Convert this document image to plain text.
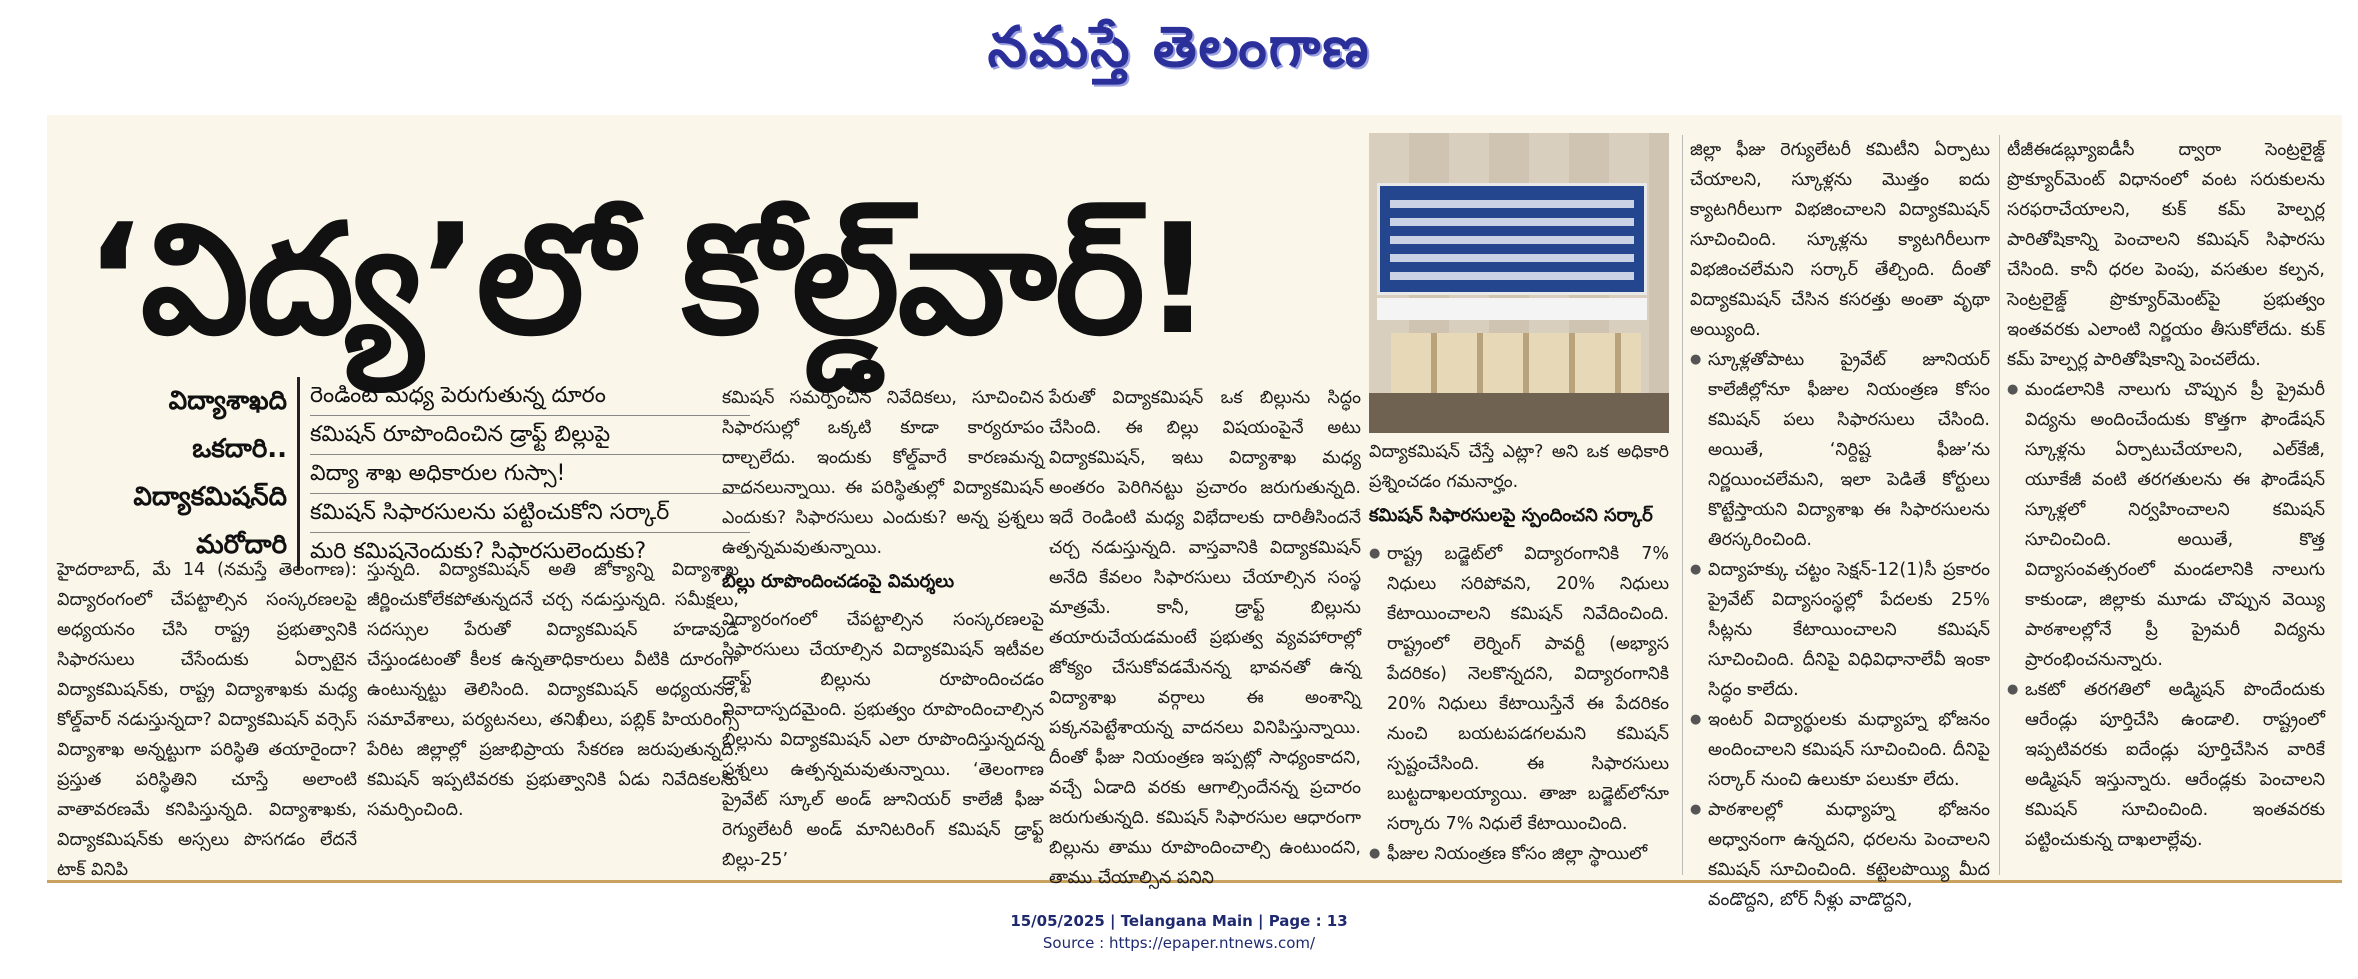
నమస్తే తెలంగాణ
‘విద్య’లో కోల్డ్‌వార్‌!
విద్యాశాఖది
ఒకదారి..
విద్యాకమిషన్‌ది
మరోదారి
రెండింటి మధ్య పెరుగుతున్న దూరం
కమిషన్‌ రూపొందించిన డ్రాఫ్ట్‌ బిల్లుపై
విద్యా శాఖ అధికారుల గుస్సా!
కమిషన్‌ సిఫారసులను పట్టించుకోని సర్కార్‌
మరి కమిషనెందుకు? సిఫారసులెందుకు?

హైదరాబాద్‌, మే 14 (నమస్తే తెలంగాణ): విద్యారంగంలో చేపట్టాల్సిన సంస్కరణలపై అధ్యయనం చేసి రాష్ట్ర ప్రభుత్వానికి సిఫారసులు చేసేందుకు ఏర్పాటైన విద్యాకమిషన్‌కు, రాష్ట్ర విద్యాశాఖకు మధ్య కోల్డ్‌వార్‌ నడుస్తున్నదా? విద్యాకమిషన్‌ వర్సెస్‌ విద్యాశాఖ అన్నట్టుగా పరిస్థితి తయారైందా? ప్రస్తుత పరిస్థితిని చూస్తే అలాంటి వాతావరణమే కనిపిస్తున్నది. విద్యాశాఖకు, విద్యాకమిషన్‌కు అస్సలు పొసగడం లేదనే టాక్‌ వినిపి

స్తున్నది. విద్యాకమిషన్‌ అతి జోక్యాన్ని విద్యాశాఖ జీర్ణించుకోలేకపోతున్నదనే చర్చ నడుస్తున్నది. సమీక్షలు, సదస్సుల పేరుతో విద్యాకమిషన్‌ హడావుడి చేస్తుండటంతో కీలక ఉన్నతాధికారులు వీటికి దూరంగా ఉంటున్నట్టు తెలిసింది. విద్యాకమిషన్‌ అధ్యయనం, సమావేశాలు, పర్యటనలు, తనిఖీలు, పబ్లిక్‌ హియరింగ్స్‌ పేరిట జిల్లాల్లో ప్రజాభిప్రాయ సేకరణ జరుపుతున్నది. కమిషన్‌ ఇప్పటివరకు ప్రభుత్వానికి ఏడు నివేదికలను సమర్పించింది.

కమిషన్‌ సమర్పించిన నివేదికలు, సూచించిన సిఫారసుల్లో ఒక్కటి కూడా కార్యరూపం దాల్చలేదు. ఇందుకు కోల్డ్‌వారే కారణమన్న వాదనలున్నాయి. ఈ పరిస్థితుల్లో విద్యాకమిషన్‌ ఎందుకు? సిఫారసులు ఎందుకు? అన్న ప్రశ్నలు ఉత్పన్నమవుతున్నాయి.

బిల్లు రూపొందించడంపై విమర్శలు

విద్యారంగంలో చేపట్టాల్సిన సంస్కరణలపై సిఫారసులు చేయాల్సిన విద్యాకమిషన్‌ ఇటీవల డ్రాఫ్ట్‌ బిల్లును రూపొందించడం వివాదాస్పదమైంది. ప్రభుత్వం రూపొందించాల్సిన బిల్లును విద్యాకమిషన్‌ ఎలా రూపొందిస్తున్నదన్న ప్రశ్నలు ఉత్పన్నమవుతున్నాయి. ‘తెలంగాణ ప్రైవేట్‌ స్కూల్‌ అండ్‌ జూనియర్‌ కాలేజీ ఫీజు రెగ్యులేటరీ అండ్‌ మానిటరింగ్‌ కమిషన్‌ డ్రాఫ్ట్‌ బిల్లు-25’

పేరుతో విద్యాకమిషన్‌ ఒక బిల్లును సిద్ధం చేసింది. ఈ బిల్లు విషయంపైనే అటు విద్యాకమిషన్‌, ఇటు విద్యాశాఖ మధ్య అంతరం పెరిగినట్టు ప్రచారం జరుగుతున్నది. ఇదే రెండింటి మధ్య విభేదాలకు దారితీసిందనే చర్చ నడుస్తున్నది. వాస్తవానికి విద్యాకమిషన్‌ అనేది కేవలం సిఫారసులు చేయాల్సిన సంస్థ మాత్రమే. కానీ, డ్రాఫ్ట్‌ బిల్లును తయారుచేయడమంటే ప్రభుత్వ వ్యవహారాల్లో జోక్యం చేసుకోవడమేనన్న భావనతో ఉన్న విద్యాశాఖ వర్గాలు ఈ అంశాన్ని పక్కనపెట్టేశాయన్న వాదనలు వినిపిస్తున్నాయి. దీంతో ఫీజు నియంత్రణ ఇప్పట్లో సాధ్యంకాదని, వచ్చే ఏడాది వరకు ఆగాల్సిందేనన్న ప్రచారం జరుగుతున్నది. కమిషన్‌ సిఫారసుల ఆధారంగా బిల్లును తాము రూపొందించాల్సి ఉంటుందని, తాము చేయాల్సిన పనిని

విద్యాకమిషన్‌ చేస్తే ఎట్లా? అని ఒక అధికారి ప్రశ్నించడం గమనార్హం.

కమిషన్‌ సిఫారసులపై స్పందించని సర్కార్‌

● రాష్ట్ర బడ్జెట్‌లో విద్యారంగానికి 7% నిధులు సరిపోవని, 20% నిధులు కేటాయించాలని కమిషన్‌ నివేదించింది. రాష్ట్రంలో లెర్నింగ్‌ పావర్టీ (అభ్యాస పేదరికం) నెలకొన్నదని, విద్యారంగానికి 20% నిధులు కేటాయిస్తేనే ఈ పేదరికం నుంచి బయటపడగలమని కమిషన్‌ స్పష్టంచేసింది. ఈ సిఫారసులు బుట్టదాఖలయ్యాయి. తాజా బడ్జెట్‌లోనూ సర్కారు 7% నిధులే కేటాయించింది.

● ఫీజుల నియంత్రణ కోసం జిల్లా స్థాయిలో

జిల్లా ఫీజు రెగ్యులేటరీ కమిటీని ఏర్పాటు చేయాలని, స్కూళ్లను మొత్తం ఐదు క్యాటగిరీలుగా విభజించాలని విద్యాకమిషన్‌ సూచించింది. స్కూళ్లను క్యాటగిరీలుగా విభజించలేమని సర్కార్‌ తేల్చింది. దీంతో విద్యాకమిషన్‌ చేసిన కసరత్తు అంతా వృథా అయ్యింది.

● స్కూళ్లతోపాటు ప్రైవేట్‌ జూనియర్‌ కాలేజీల్లోనూ ఫీజుల నియంత్రణ కోసం కమిషన్‌ పలు సిఫారసులు చేసింది. అయితే, ‘నిర్దిష్ట ఫీజు’ను నిర్ణయించలేమని, ఇలా పెడితే కోర్టులు కొట్టేస్తాయని విద్యాశాఖ ఈ సిఫారసులను తిరస్కరించింది.

● విద్యాహక్కు చట్టం సెక్షన్‌-12(1)సీ ప్రకారం ప్రైవేట్‌ విద్యాసంస్థల్లో పేదలకు 25% సీట్లను కేటాయించాలని కమిషన్‌ సూచించింది. దీనిపై విధివిధానాలేవీ ఇంకా సిద్ధం కాలేదు.

● ఇంటర్‌ విద్యార్థులకు మధ్యాహ్న భోజనం అందించాలని కమిషన్‌ సూచించింది. దీనిపై సర్కార్‌ నుంచి ఉలుకూ పలుకూ లేదు.

● పాఠశాలల్లో మధ్యాహ్న భోజనం అధ్వానంగా ఉన్నదని, ధరలను పెంచాలని కమిషన్‌ సూచించింది. కట్టెలపొయ్యి మీద వండొద్దని, బోర్‌ నీళ్లు వాడొద్దని,

టీజీఈడబ్ల్యూఐడీసీ ద్వారా సెంట్రలైజ్డ్‌ ప్రొక్యూర్‌మెంట్‌ విధానంలో వంట సరుకులను సరఫరాచేయాలని, కుక్‌ కమ్‌ హెల్పర్ల పారితోషికాన్ని పెంచాలని కమిషన్‌ సిఫారసు చేసింది. కానీ ధరల పెంపు, వసతుల కల్పన, సెంట్రలైజ్డ్‌ ప్రొక్యూర్‌మెంట్‌పై ప్రభుత్వం ఇంతవరకు ఎలాంటి నిర్ణయం తీసుకోలేదు. కుక్‌ కమ్‌ హెల్పర్ల పారితోషికాన్ని పెంచలేదు.

● మండలానికి నాలుగు చొప్పున ప్రీ ప్రైమరీ విద్యను అందించేందుకు కొత్తగా ఫౌండేషన్‌ స్కూళ్లను ఏర్పాటుచేయాలని, ఎల్‌కేజీ, యూకేజీ వంటి తరగతులను ఈ ఫౌండేషన్‌ స్కూళ్లలో నిర్వహించాలని కమిషన్‌ సూచించింది. అయితే, కొత్త విద్యాసంవత్సరంలో మండలానికి నాలుగు కాకుండా, జిల్లాకు మూడు చొప్పున వెయ్యి పాఠశాలల్లోనే ప్రీ ప్రైమరీ విద్యను ప్రారంభించనున్నారు.

● ఒకటో తరగతిలో అడ్మిషన్‌ పొందేందుకు ఆరేండ్లు పూర్తిచేసి ఉండాలి. రాష్ట్రంలో ఇప్పటివరకు ఐదేండ్లు పూర్తిచేసిన వారికే అడ్మిషన్‌ ఇస్తున్నారు. ఆరేండ్లకు పెంచాలని కమిషన్‌ సూచించింది. ఇంతవరకు పట్టించుకున్న దాఖలాల్లేవు.

15/05/2025 | Telangana Main | Page : 13
Source : https://epaper.ntnews.com/
